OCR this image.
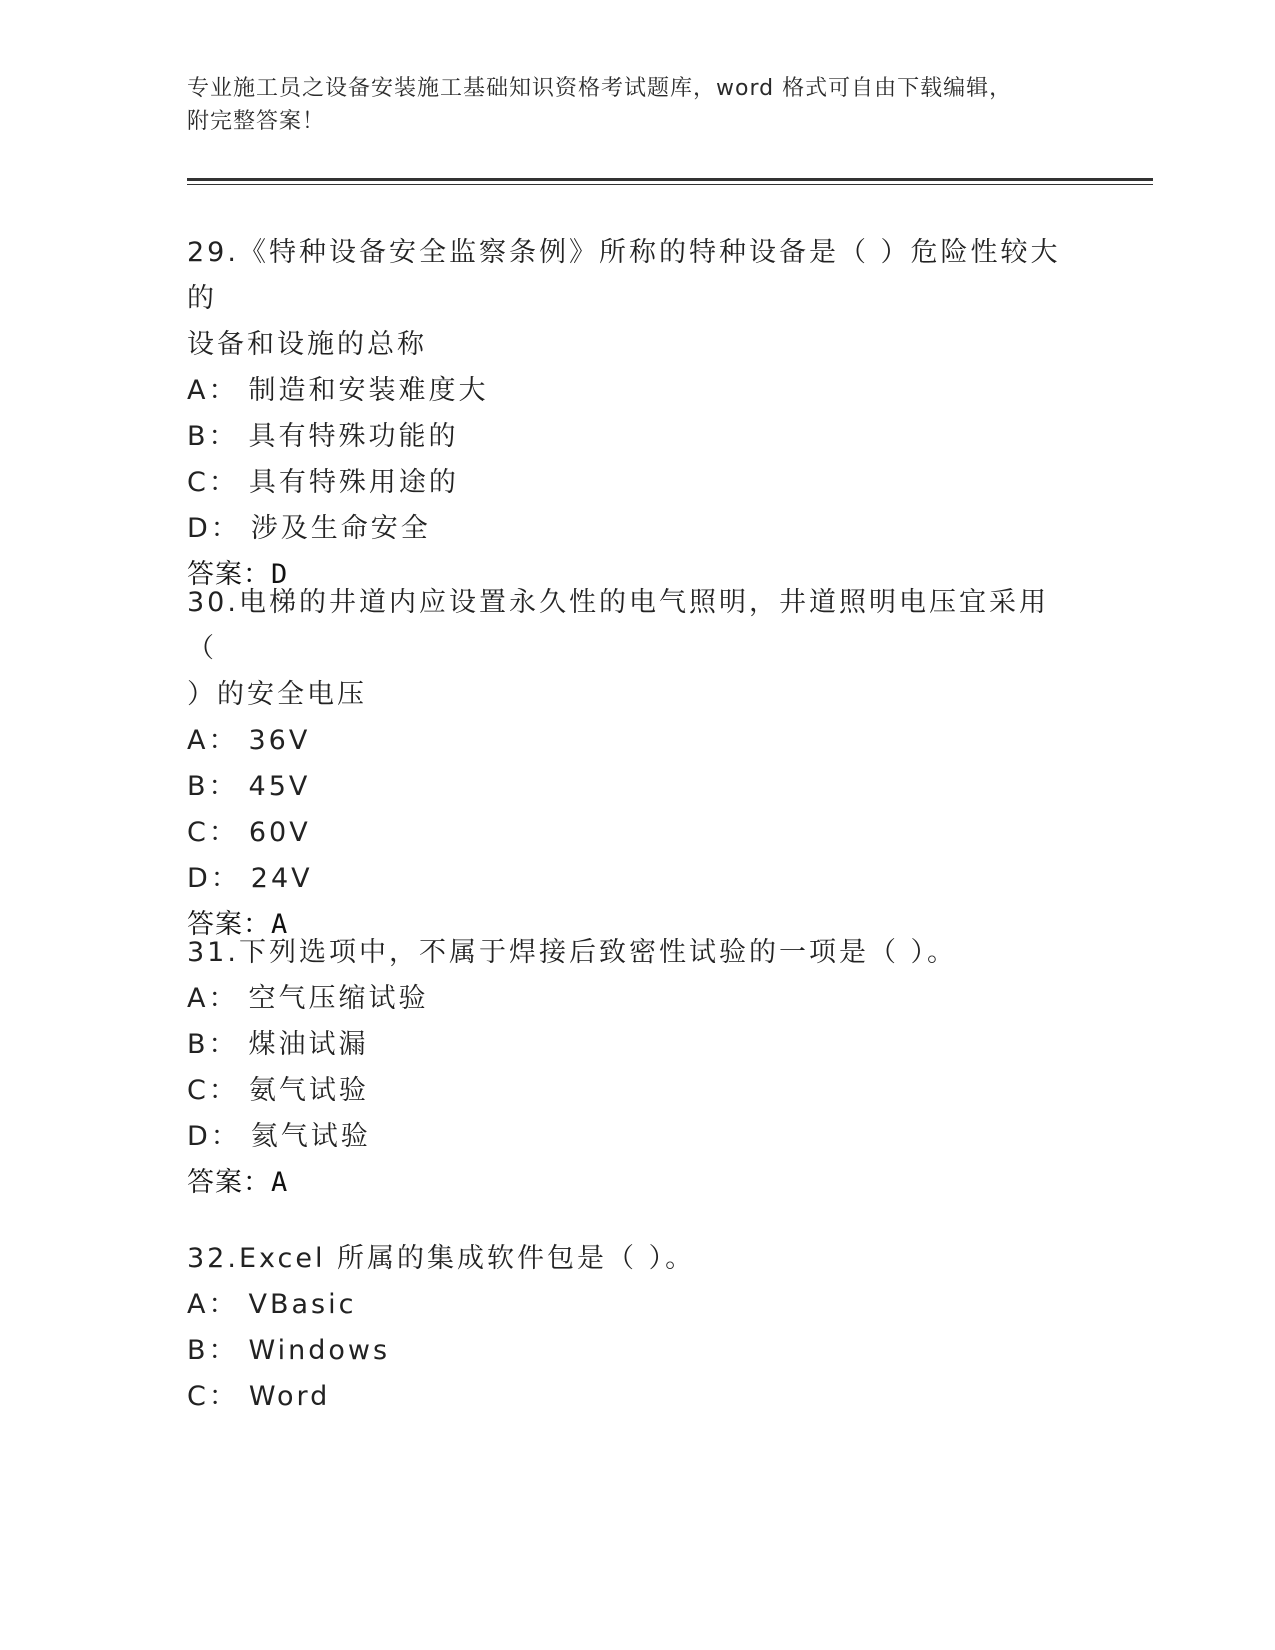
专业施工员之设备安装施工基础知识资格考试题库，word 格式可自由下载编辑，
附完整答案！
29.《特种设备安全监察条例》所称的特种设备是（ ）危险性较大的
设备和设施的总称
A： 制造和安装难度大
B： 具有特殊功能的
C： 具有特殊用途的
D： 涉及生命安全
答案：D
30.电梯的井道内应设置永久性的电气照明，井道照明电压宜采用（
）的安全电压
A： 36V
B： 45V
C： 60V
D： 24V
答案：A
31.下列选项中，不属于焊接后致密性试验的一项是（ ）。
A： 空气压缩试验
B： 煤油试漏
C： 氨气试验
D： 氦气试验
答案：A
32.Excel 所属的集成软件包是（ ）。
A： VBasic
B： Windows
C： Word
